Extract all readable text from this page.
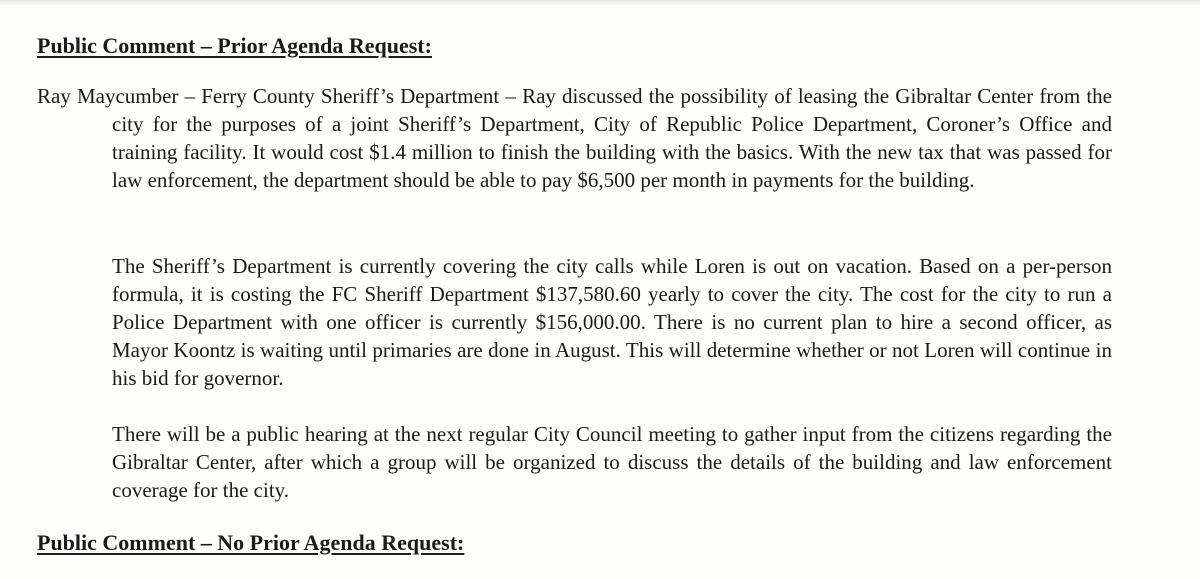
Public Comment – Prior Agenda Request:
Ray Maycumber – Ferry County Sheriff’s Department – Ray discussed the possibility of leasing the Gibraltar Center from the city for the purposes of a joint Sheriff’s Department, City of Republic Police Department, Coroner’s Office and training facility. It would cost $1.4 million to finish the building with the basics. With the new tax that was passed for law enforcement, the department should be able to pay $6,500 per month in payments for the building.
The Sheriff’s Department is currently covering the city calls while Loren is out on vacation. Based on a per-person formula, it is costing the FC Sheriff Department $137,580.60 yearly to cover the city. The cost for the city to run a Police Department with one officer is currently $156,000.00. There is no current plan to hire a second officer, as Mayor Koontz is waiting until primaries are done in August. This will determine whether or not Loren will continue in his bid for governor.
There will be a public hearing at the next regular City Council meeting to gather input from the citizens regarding the Gibraltar Center, after which a group will be organized to discuss the details of the building and law enforcement coverage for the city.
Public Comment – No Prior Agenda Request:
